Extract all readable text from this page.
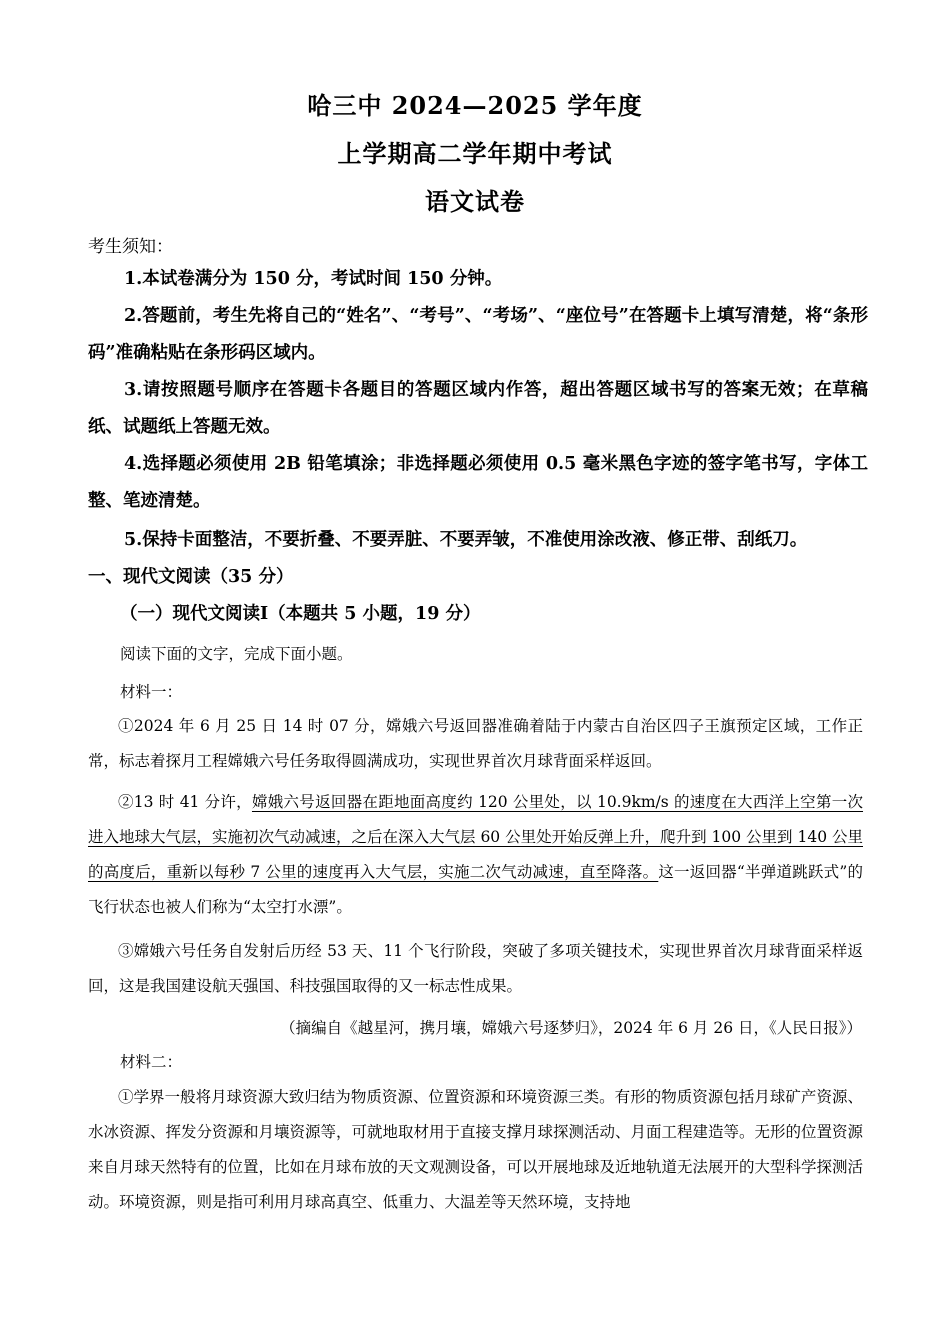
哈三中 2024—2025 学年度
上学期高二学年期中考试
语文试卷
考生须知：
1.本试卷满分为 150 分，考试时间 150 分钟。
2.答题前，考生先将自己的“姓名”、“考号”、“考场”、“座位号”在答题卡上填写清楚，将“条形码”准确粘贴在条形码区域内。
3.请按照题号顺序在答题卡各题目的答题区域内作答，超出答题区域书写的答案无效；在草稿纸、试题纸上答题无效。
4.选择题必须使用 2B 铅笔填涂；非选择题必须使用 0.5 毫米黑色字迹的签字笔书写，字体工整、笔迹清楚。
5.保持卡面整洁，不要折叠、不要弄脏、不要弄皱，不准使用涂改液、修正带、刮纸刀。
一、现代文阅读（35 分）
（一）现代文阅读Ⅰ（本题共 5 小题，19 分）
阅读下面的文字，完成下面小题。
材料一：
①2024 年 6 月 25 日 14 时 07 分，嫦娥六号返回器准确着陆于内蒙古自治区四子王旗预定区域，工作正常，标志着探月工程嫦娥六号任务取得圆满成功，实现世界首次月球背面采样返回。
②13 时 41 分许，嫦娥六号返回器在距地面高度约 120 公里处，以 10.9km/s 的速度在大西洋上空第一次进入地球大气层，实施初次气动减速，之后在深入大气层 60 公里处开始反弹上升，爬升到 100 公里到 140 公里的高度后，重新以每秒 7 公里的速度再入大气层，实施二次气动减速，直至降落。这一返回器“半弹道跳跃式”的飞行状态也被人们称为“太空打水漂”。
③嫦娥六号任务自发射后历经 53 天、11 个飞行阶段，突破了多项关键技术，实现世界首次月球背面采样返回，这是我国建设航天强国、科技强国取得的又一标志性成果。
（摘编自《越星河，携月壤，嫦娥六号逐梦归》，2024 年 6 月 26 日，《人民日报》）
材料二：
①学界一般将月球资源大致归结为物质资源、位置资源和环境资源三类。有形的物质资源包括月球矿产资源、水冰资源、挥发分资源和月壤资源等，可就地取材用于直接支撑月球探测活动、月面工程建造等。无形的位置资源来自月球天然特有的位置，比如在月球布放的天文观测设备，可以开展地球及近地轨道无法展开的大型科学探测活动。环境资源，则是指可利用月球高真空、低重力、大温差等天然环境，支持地
